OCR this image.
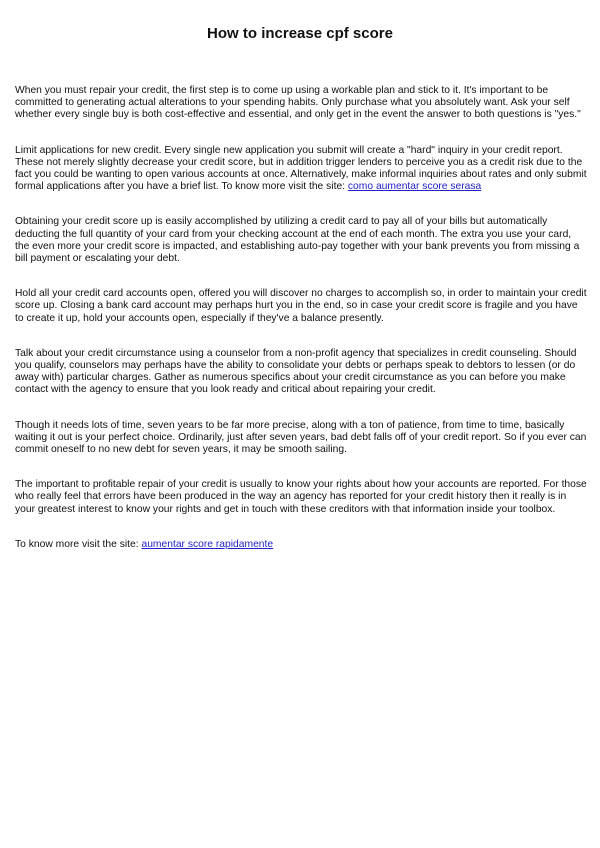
How to increase cpf score

When you must repair your credit, the first step is to come up using a workable plan and stick to it. It's important to be committed to generating actual alterations to your spending habits. Only purchase what you absolutely want. Ask your self whether every single buy is both cost-effective and essential, and only get in the event the answer to both questions is "yes."

Limit applications for new credit. Every single new application you submit will create a "hard" inquiry in your credit report. These not merely slightly decrease your credit score, but in addition trigger lenders to perceive you as a credit risk due to the fact you could be wanting to open various accounts at once. Alternatively, make informal inquiries about rates and only submit formal applications after you have a brief list. To know more visit the site: como aumentar score serasa

Obtaining your credit score up is easily accomplished by utilizing a credit card to pay all of your bills but automatically deducting the full quantity of your card from your checking account at the end of each month. The extra you use your card, the even more your credit score is impacted, and establishing auto-pay together with your bank prevents you from missing a bill payment or escalating your debt.

Hold all your credit card accounts open, offered you will discover no charges to accomplish so, in order to maintain your credit score up. Closing a bank card account may perhaps hurt you in the end, so in case your credit score is fragile and you have to create it up, hold your accounts open, especially if they've a balance presently.

Talk about your credit circumstance using a counselor from a non-profit agency that specializes in credit counseling. Should you qualify, counselors may perhaps have the ability to consolidate your debts or perhaps speak to debtors to lessen (or do away with) particular charges. Gather as numerous specifics about your credit circumstance as you can before you make contact with the agency to ensure that you look ready and critical about repairing your credit.

Though it needs lots of time, seven years to be far more precise, along with a ton of patience, from time to time, basically waiting it out is your perfect choice. Ordinarily, just after seven years, bad debt falls off of your credit report. So if you ever can commit oneself to no new debt for seven years, it may be smooth sailing.

The important to profitable repair of your credit is usually to know your rights about how your accounts are reported. For those who really feel that errors have been produced in the way an agency has reported for your credit history then it really is in your greatest interest to know your rights and get in touch with these creditors with that information inside your toolbox.

To know more visit the site: aumentar score rapidamente
